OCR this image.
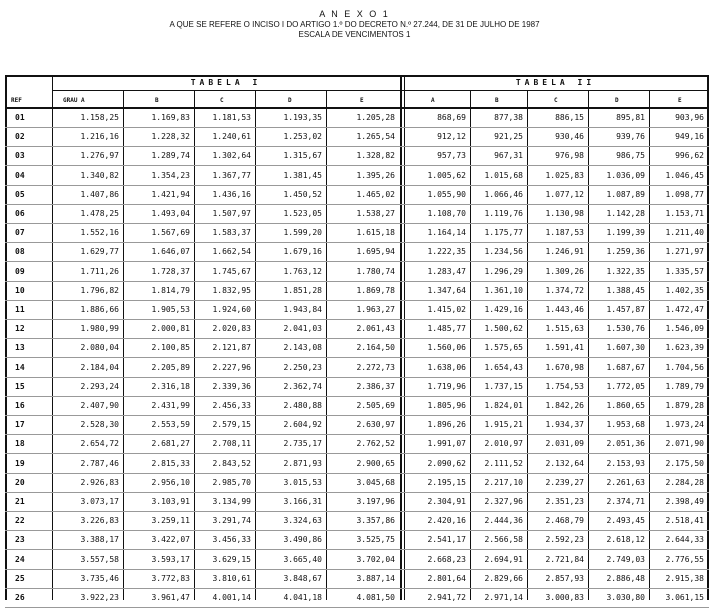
A N E X O 1
A QUE SE REFERE O INCISO I DO ARTIGO 1.º DO DECRETO N.º 27.244, DE 31 DE JULHO DE 1987
ESCALA DE VENCIMENTOS 1
TABELA I	TABELA II
REF	GRAU A	B	C	D	E	A	B	C	D	E
01	1.158,25	1.169,83	1.181,53	1.193,35	1.205,28	868,69	877,38	886,15	895,81	903,96
02	1.216,16	1.228,32	1.240,61	1.253,02	1.265,54	912,12	921,25	930,46	939,76	949,16
03	1.276,97	1.289,74	1.302,64	1.315,67	1.328,82	957,73	967,31	976,98	986,75	996,62
04	1.340,82	1.354,23	1.367,77	1.381,45	1.395,26	1.005,62	1.015,68	1.025,83	1.036,09	1.046,45
05	1.407,86	1.421,94	1.436,16	1.450,52	1.465,02	1.055,90	1.066,46	1.077,12	1.087,89	1.098,77
06	1.478,25	1.493,04	1.507,97	1.523,05	1.538,27	1.108,70	1.119,76	1.130,98	1.142,28	1.153,71
07	1.552,16	1.567,69	1.583,37	1.599,20	1.615,18	1.164,14	1.175,77	1.187,53	1.199,39	1.211,40
08	1.629,77	1.646,07	1.662,54	1.679,16	1.695,94	1.222,35	1.234,56	1.246,91	1.259,36	1.271,97
09	1.711,26	1.728,37	1.745,67	1.763,12	1.780,74	1.283,47	1.296,29	1.309,26	1.322,35	1.335,57
10	1.796,82	1.814,79	1.832,95	1.851,28	1.869,78	1.347,64	1.361,10	1.374,72	1.388,45	1.402,35
11	1.886,66	1.905,53	1.924,60	1.943,84	1.963,27	1.415,02	1.429,16	1.443,46	1.457,87	1.472,47
12	1.980,99	2.000,81	2.020,83	2.041,03	2.061,43	1.485,77	1.500,62	1.515,63	1.530,76	1.546,09
13	2.080,04	2.100,85	2.121,87	2.143,08	2.164,50	1.560,06	1.575,65	1.591,41	1.607,30	1.623,39
14	2.184,04	2.205,89	2.227,96	2.250,23	2.272,73	1.638,06	1.654,43	1.670,98	1.687,67	1.704,56
15	2.293,24	2.316,18	2.339,36	2.362,74	2.386,37	1.719,96	1.737,15	1.754,53	1.772,05	1.789,79
16	2.407,90	2.431,99	2.456,33	2.480,88	2.505,69	1.805,96	1.824,01	1.842,26	1.860,65	1.879,28
17	2.528,30	2.553,59	2.579,15	2.604,92	2.630,97	1.896,26	1.915,21	1.934,37	1.953,68	1.973,24
18	2.654,72	2.681,27	2.708,11	2.735,17	2.762,52	1.991,07	2.010,97	2.031,09	2.051,36	2.071,90
19	2.787,46	2.815,33	2.843,52	2.871,93	2.900,65	2.090,62	2.111,52	2.132,64	2.153,93	2.175,50
20	2.926,83	2.956,10	2.985,70	3.015,53	3.045,68	2.195,15	2.217,10	2.239,27	2.261,63	2.284,28
21	3.073,17	3.103,91	3.134,99	3.166,31	3.197,96	2.304,91	2.327,96	2.351,23	2.374,71	2.398,49
22	3.226,83	3.259,11	3.291,74	3.324,63	3.357,86	2.420,16	2.444,36	2.468,79	2.493,45	2.518,41
23	3.388,17	3.422,07	3.456,33	3.490,86	3.525,75	2.541,17	2.566,58	2.592,23	2.618,12	2.644,33
24	3.557,58	3.593,17	3.629,15	3.665,40	3.702,04	2.668,23	2.694,91	2.721,84	2.749,03	2.776,55
25	3.735,46	3.772,83	3.810,61	3.848,67	3.887,14	2.801,64	2.829,66	2.857,93	2.886,48	2.915,38
26	3.922,23	3.961,47	4.001,14	4.041,18	4.081,50	2.941,72	2.971,14	3.000,83	3.030,80	3.061,15
